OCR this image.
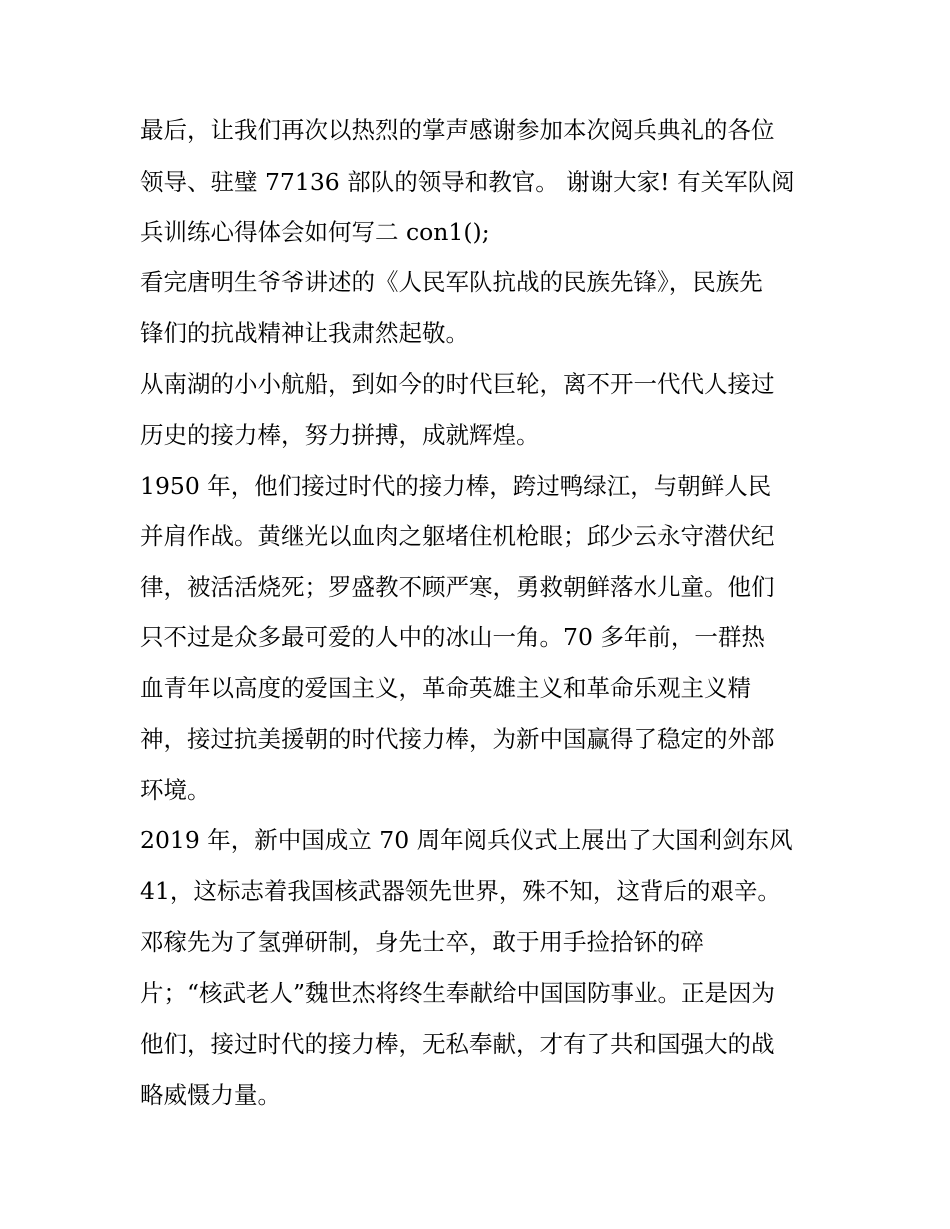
最后，让我们再次以热烈的掌声感谢参加本次阅兵典礼的各位

领导、驻璧 77136 部队的领导和教官。 谢谢大家! 有关军队阅

兵训练心得体会如何写二 con1();

看完唐明生爷爷讲述的《人民军队抗战的民族先锋》，民族先

锋们的抗战精神让我肃然起敬。

从南湖的小小航船，到如今的时代巨轮，离不开一代代人接过

历史的接力棒，努力拼搏，成就辉煌。

1950 年，他们接过时代的接力棒，跨过鸭绿江，与朝鲜人民

并肩作战。黄继光以血肉之躯堵住机枪眼；邱少云永守潜伏纪

律，被活活烧死；罗盛教不顾严寒，勇救朝鲜落水儿童。他们

只不过是众多最可爱的人中的冰山一角。70 多年前，一群热

血青年以高度的爱国主义，革命英雄主义和革命乐观主义精

神，接过抗美援朝的时代接力棒，为新中国赢得了稳定的外部

环境。

2019 年，新中国成立 70 周年阅兵仪式上展出了大国利剑东风

41，这标志着我国核武器领先世界，殊不知，这背后的艰辛。

邓稼先为了氢弹研制，身先士卒，敢于用手捡拾钚的碎

片；“核武老人”魏世杰将终生奉献给中国国防事业。正是因为

他们，接过时代的接力棒，无私奉献，才有了共和国强大的战

略威慑力量。
